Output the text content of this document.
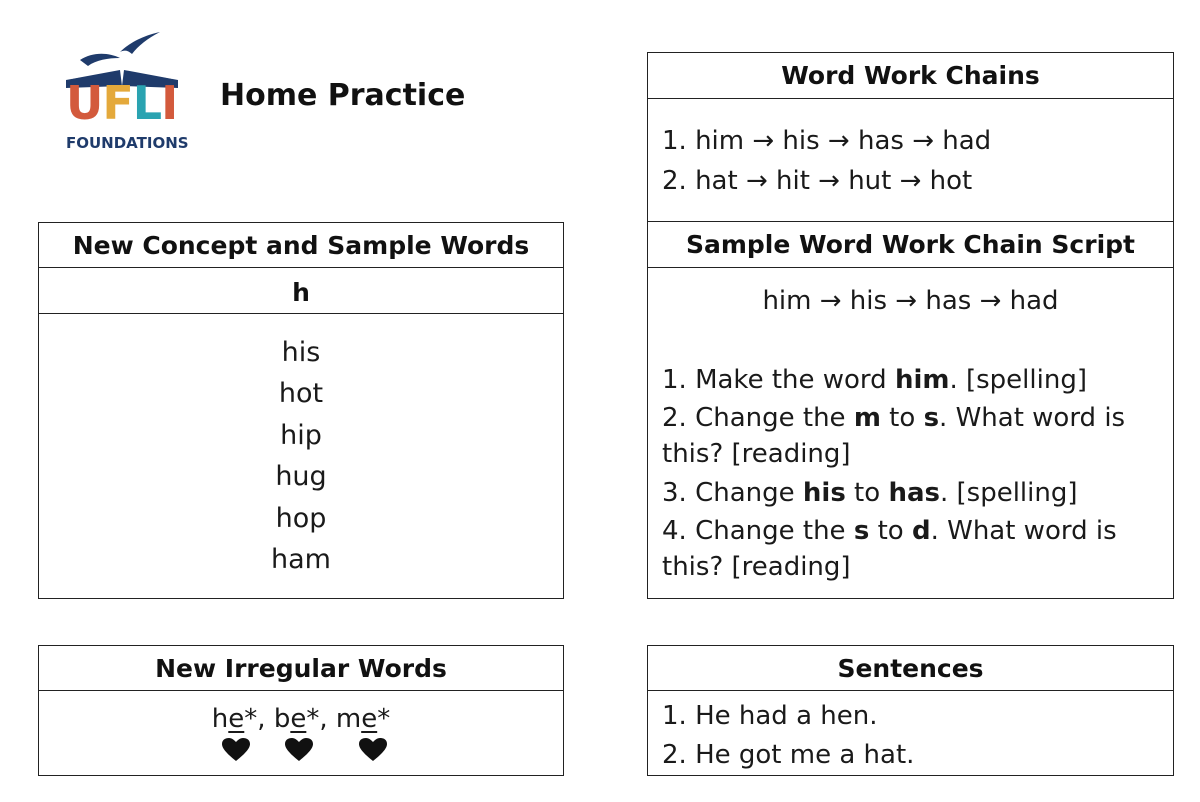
UFLI
FOUNDATIONS
Home Practice
New Concept and Sample Words
h
his
hot
hip
hug
hop
ham
New Irregular Words
he*, be*, me*
Word Work Chains
1. him → his → has → had
2. hat → hit → hut → hot
Sample Word Work Chain Script
him → his → has → had
1. Make the word him. [spelling]
2. Change the m to s. What word is
this? [reading]
3. Change his to has. [spelling]
4. Change the s to d. What word is
this? [reading]
Sentences
1. He had a hen.
2. He got me a hat.
